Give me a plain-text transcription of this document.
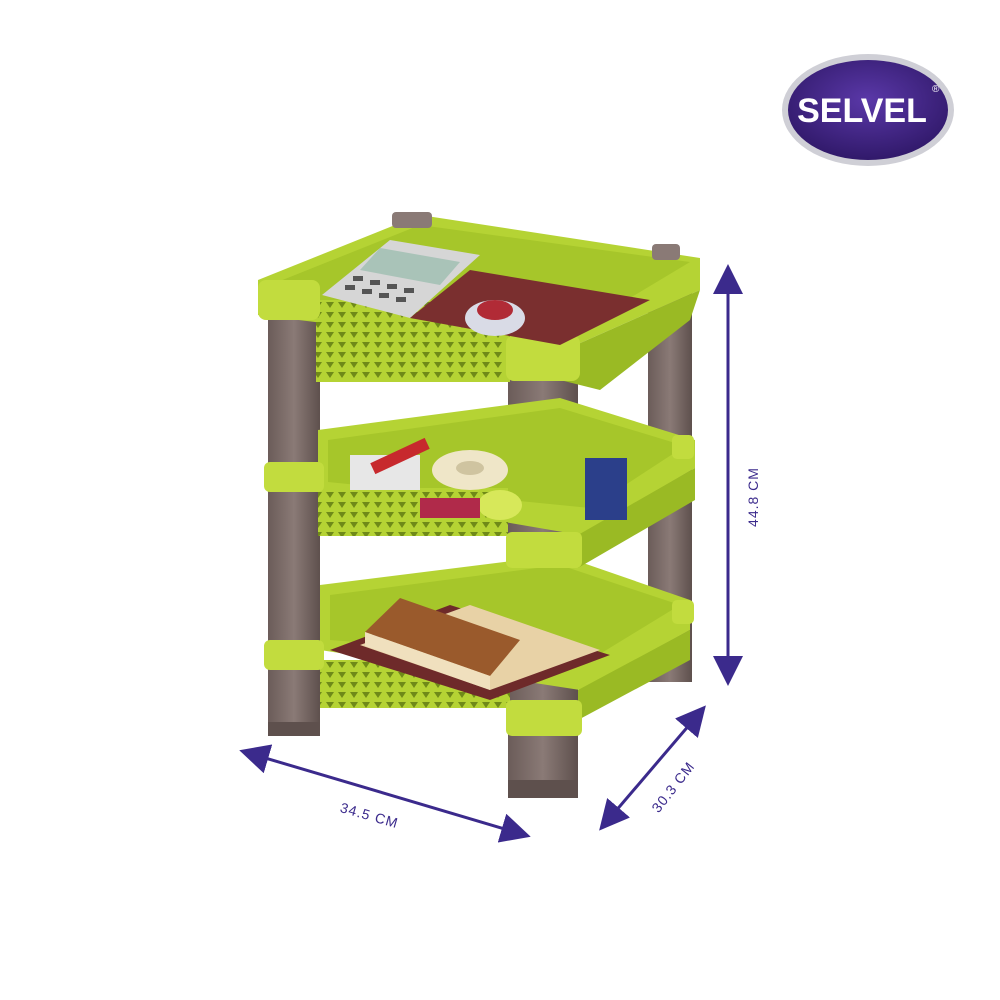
SELVEL
®
44.8 CM
34.5 CM	30.3 CM
